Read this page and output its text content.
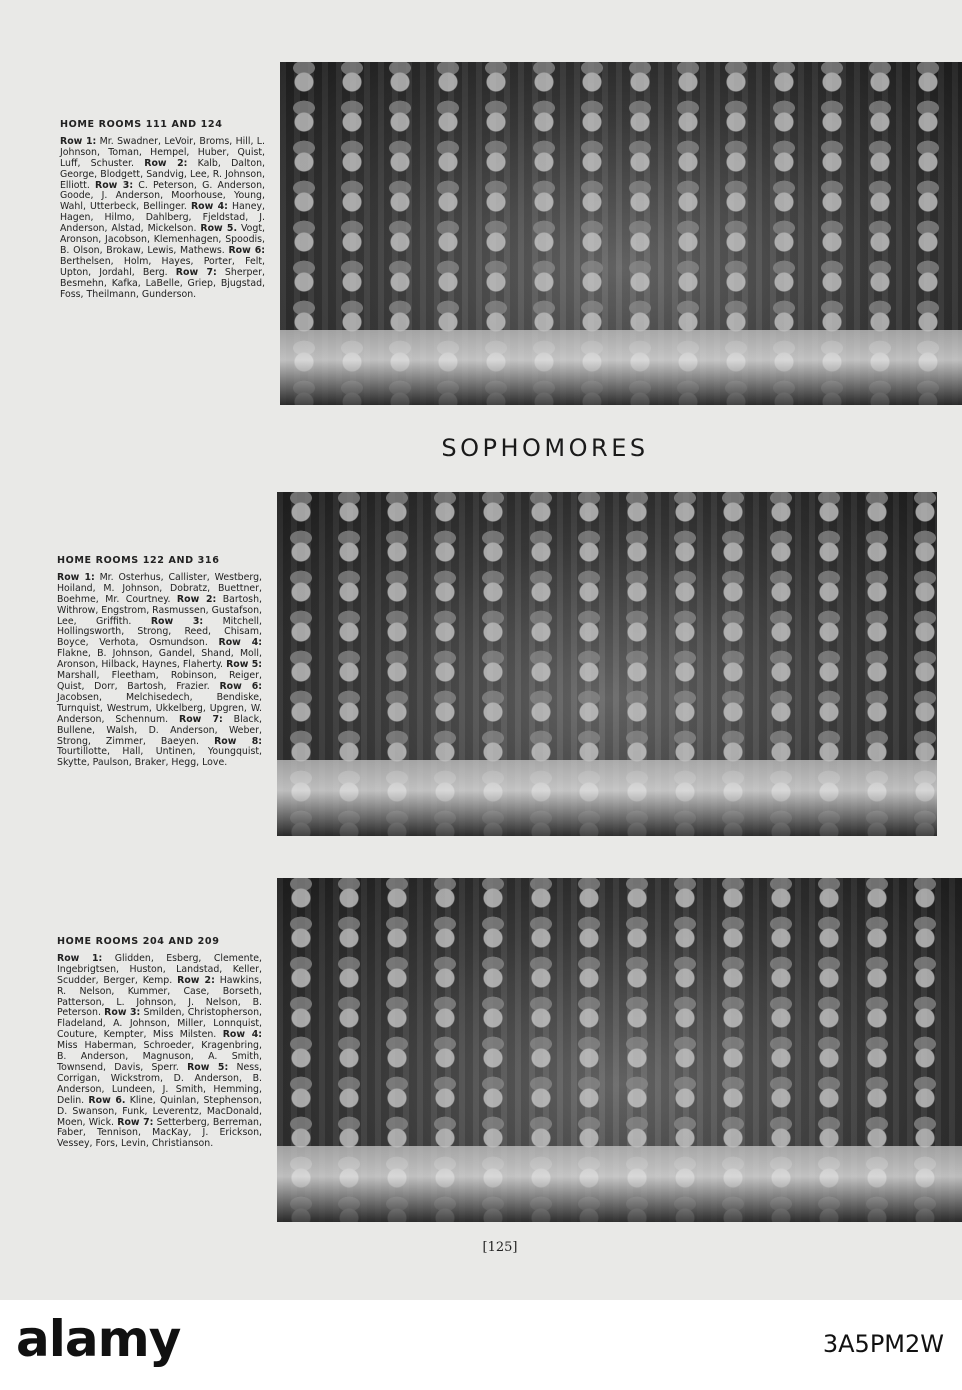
HOME ROOMS 111 AND 124
Row 1: Mr. Swadner, LeVoir, Broms, Hill, L. Johnson, Toman, Hempel, Huber, Quist, Luff, Schuster. Row 2: Kalb, Dalton, George, Blodgett, Sandvig, Lee, R. Johnson, Elliott. Row 3: C. Peterson, G. Anderson, Goode, J. Anderson, Moorhouse, Young, Wahl, Utterbeck, Bellinger. Row 4: Haney, Hagen, Hilmo, Dahlberg, Fjeldstad, J. Anderson, Alstad, Mickelson. Row 5. Vogt, Aronson, Jacobson, Klemenhagen, Spoodis, B. Olson, Brokaw, Lewis, Mathews. Row 6: Berthelsen, Holm, Hayes, Porter, Felt, Upton, Jordahl, Berg. Row 7: Sherper, Besmehn, Kafka, LaBelle, Griep, Bjugstad, Foss, Theilmann, Gunderson.
HOME ROOMS 122 AND 316
Row 1: Mr. Osterhus, Callister, Westberg, Hoiland, M. Johnson, Dobratz, Buettner, Boehme, Mr. Courtney. Row 2: Bartosh, Withrow, Engstrom, Rasmussen, Gustafson, Lee, Griffith. Row 3: Mitchell, Hollingsworth, Strong, Reed, Chisam, Boyce, Verhota, Osmundson. Row 4: Flakne, B. Johnson, Gandel, Shand, Moll, Aronson, Hilback, Haynes, Flaherty. Row 5: Marshall, Fleetham, Robinson, Reiger, Quist, Dorr, Bartosh, Frazier. Row 6: Jacobsen, Melchisedech, Bendiske, Turnquist, Westrum, Ukkelberg, Upgren, W. Anderson, Schennum. Row 7: Black, Bullene, Walsh, D. Anderson, Weber, Strong, Zimmer, Baeyen. Row 8: Tourtillotte, Hall, Untinen, Youngquist, Skytte, Paulson, Braker, Hegg, Love.
HOME ROOMS 204 AND 209
Row 1: Glidden, Esberg, Clemente, Ingebrigtsen, Huston, Landstad, Keller, Scudder, Berger, Kemp. Row 2: Hawkins, R. Nelson, Kummer, Case, Borseth, Patterson, L. Johnson, J. Nelson, B. Peterson. Row 3: Smilden, Christopherson, Fladeland, A. Johnson, Miller, Lonnquist, Couture, Kempter, Miss Milsten. Row 4: Miss Haberman, Schroeder, Kragenbring, B. Anderson, Magnuson, A. Smith, Townsend, Davis, Sperr. Row 5: Ness, Corrigan, Wickstrom, D. Anderson, B. Anderson, Lundeen, J. Smith, Hemming, Delin. Row 6. Kline, Quinlan, Stephenson, D. Swanson, Funk, Leverentz, MacDonald, Moen, Wick. Row 7: Setterberg, Berreman, Faber, Tennison, MacKay, J. Erickson, Vessey, Fors, Levin, Christianson.
SOPHOMORES
[125]
alamy	3A5PM2W
